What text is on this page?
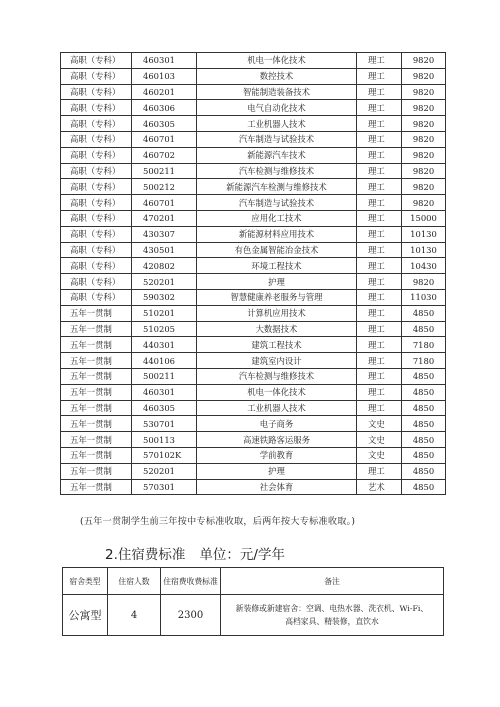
高职（专科）	460301	机电一体化技术	理工	9820
高职（专科）	460103	数控技术	理工	9820
高职（专科）	460201	智能制造装备技术	理工	9820
高职（专科）	460306	电气自动化技术	理工	9820
高职（专科）	460305	工业机器人技术	理工	9820
高职（专科）	460701	汽车制造与试验技术	理工	9820
高职（专科）	460702	新能源汽车技术	理工	9820
高职（专科）	500211	汽车检测与维修技术	理工	9820
高职（专科）	500212	新能源汽车检测与维修技术	理工	9820
高职（专科）	460701	汽车制造与试验技术	理工	9820
高职（专科）	470201	应用化工技术	理工	15000
高职（专科）	430307	新能源材料应用技术	理工	10130
高职（专科）	430501	有色金属智能冶金技术	理工	10130
高职（专科）	420802	环境工程技术	理工	10430
高职（专科）	520201	护理	理工	9820
高职（专科）	590302	智慧健康养老服务与管理	理工	11030
五年一贯制	510201	计算机应用技术	理工	4850
五年一贯制	510205	大数据技术	理工	4850
五年一贯制	440301	建筑工程技术	理工	7180
五年一贯制	440106	建筑室内设计	理工	7180
五年一贯制	500211	汽车检测与维修技术	理工	4850
五年一贯制	460301	机电一体化技术	理工	4850
五年一贯制	460305	工业机器人技术	理工	4850
五年一贯制	530701	电子商务	文史	4850
五年一贯制	500113	高速铁路客运服务	文史	4850
五年一贯制	570102K	学前教育	文史	4850
五年一贯制	520201	护理	理工	4850
五年一贯制	570301	社会体育	艺术	4850
(五年一贯制学生前三年按中专标准收取，后两年按大专标准收取。)
2.住宿费标准 单位：元/学年
宿舍类型	住宿人数	住宿费收费标准	备注
公寓型	4	2300	新装修或新建宿舍：空调、电热水器、洗衣机、Wi-Fi、
高档家具、精装修，直饮水
